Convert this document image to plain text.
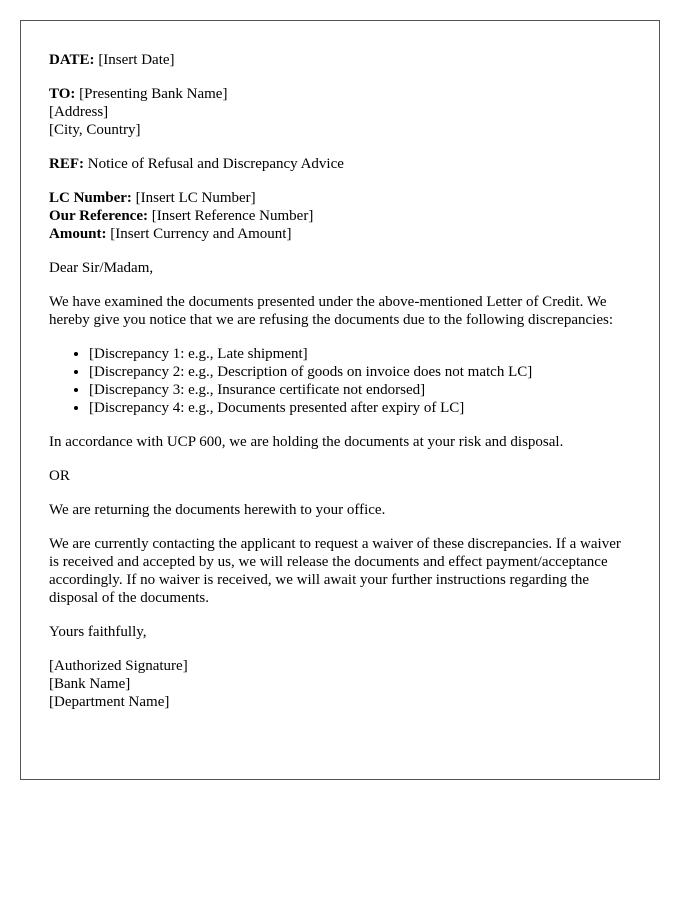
DATE: [Insert Date]
TO: [Presenting Bank Name]
[Address]
[City, Country]
REF: Notice of Refusal and Discrepancy Advice
LC Number: [Insert LC Number]
Our Reference: [Insert Reference Number]
Amount: [Insert Currency and Amount]

Dear Sir/Madam,

We have examined the documents presented under the above-mentioned Letter of Credit. We hereby give you notice that we are refusing the documents due to the following discrepancies:

• [Discrepancy 1: e.g., Late shipment]
• [Discrepancy 2: e.g., Description of goods on invoice does not match LC]
• [Discrepancy 3: e.g., Insurance certificate not endorsed]
• [Discrepancy 4: e.g., Documents presented after expiry of LC]

In accordance with UCP 600, we are holding the documents at your risk and disposal.

OR

We are returning the documents herewith to your office.

We are currently contacting the applicant to request a waiver of these discrepancies. If a waiver is received and accepted by us, we will release the documents and effect payment/acceptance accordingly. If no waiver is received, we will await your further instructions regarding the disposal of the documents.

Yours faithfully,

[Authorized Signature]
[Bank Name]
[Department Name]
